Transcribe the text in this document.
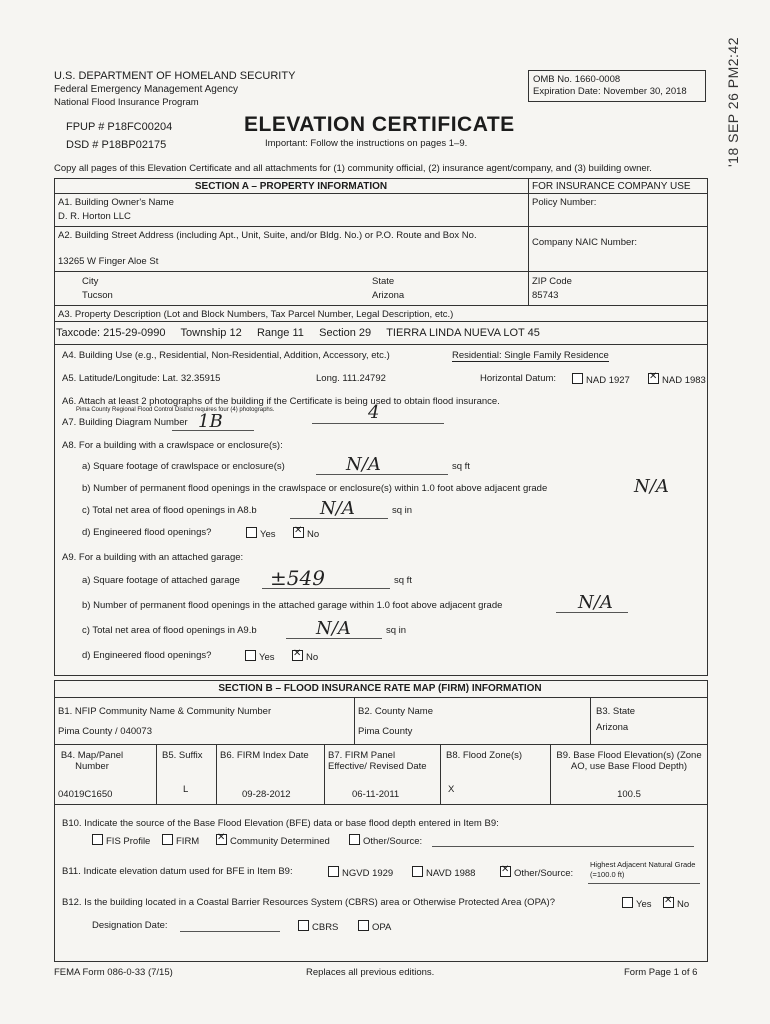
U.S. DEPARTMENT OF HOMELAND SECURITY
Federal Emergency Management Agency
National Flood Insurance Program
OMB No. 1660-0008
Expiration Date: November 30, 2018	'18 SEP 26 PM2:42
FPUP # P18FC00204
DSD # P18BP02175
ELEVATION CERTIFICATE
Important: Follow the instructions on pages 1–9.
Copy all pages of this Elevation Certificate and all attachments for (1) community official, (2) insurance agent/company, and (3) building owner.
SECTION A – PROPERTY INFORMATION	FOR INSURANCE COMPANY USE
A1. Building Owner's Name
D. R. Horton LLC
Policy Number:
A2. Building Street Address (including Apt., Unit, Suite, and/or Bldg. No.) or P.O. Route and Box No.
13265 W Finger Aloe St
Company NAIC Number:
City
Tucson
State
Arizona
ZIP Code
85743
A3. Property Description (Lot and Block Numbers, Tax Parcel Number, Legal Description, etc.)
Taxcode: 215-29-0990     Township 12     Range 11     Section 29     TIERRA LINDA NUEVA LOT 45
A4. Building Use (e.g., Residential, Non-Residential, Addition, Accessory, etc.)	Residential: Single Family Residence
A5. Latitude/Longitude: Lat. 32.35915	Long. 111.24792	Horizontal Datum:	NAD 1927 ✕	NAD 1983
A6. Attach at least 2 photographs of the building if the Certificate is being used to obtain flood insurance.
Pima County Regional Flood Control District requires four (4) photographs.	4
A7. Building Diagram Number 1B
A8. For a building with a crawlspace or enclosure(s):
a) Square footage of crawlspace or enclosure(s)	N/A	sq ft
b) Number of permanent flood openings in the crawlspace or enclosure(s) within 1.0 foot above adjacent grade	N/A
c) Total net area of flood openings in A8.b	N/A	sq in
d) Engineered flood openings?	Yes ✕	No
A9. For a building with an attached garage:
a) Square footage of attached garage ±549	sq ft
b) Number of permanent flood openings in the attached garage within 1.0 foot above adjacent grade	N/A
c) Total net area of flood openings in A9.b	N/A	sq in
d) Engineered flood openings?	Yes ✕	No
SECTION B – FLOOD INSURANCE RATE MAP (FIRM) INFORMATION
B1. NFIP Community Name & Community Number
Pima County / 040073
B2. County Name
Pima County
B3. State
Arizona
B4. Map/Panel Number
04019C1650
B5. Suffix
L
B6. FIRM Index Date
09-28-2012
B7. FIRM Panel Effective/ Revised Date
06-11-2011
B8. Flood Zone(s)
X
B9. Base Flood Elevation(s) (Zone AO, use Base Flood Depth)
100.5
B10. Indicate the source of the Base Flood Elevation (BFE) data or base flood depth entered in Item B9:
FIS Profile	FIRM ✕	Community Determined	Other/Source:
B11. Indicate elevation datum used for BFE in Item B9:	NGVD 1929	NAVD 1988 ✕	Other/Source:
Highest Adjacent Natural Grade (=100.0 ft)
B12. Is the building located in a Coastal Barrier Resources System (CBRS) area or Otherwise Protected Area (OPA)?	Yes ✕	No
Designation Date:	CBRS	OPA
FEMA Form 086-0-33 (7/15)	Replaces all previous editions.	Form Page 1 of 6
